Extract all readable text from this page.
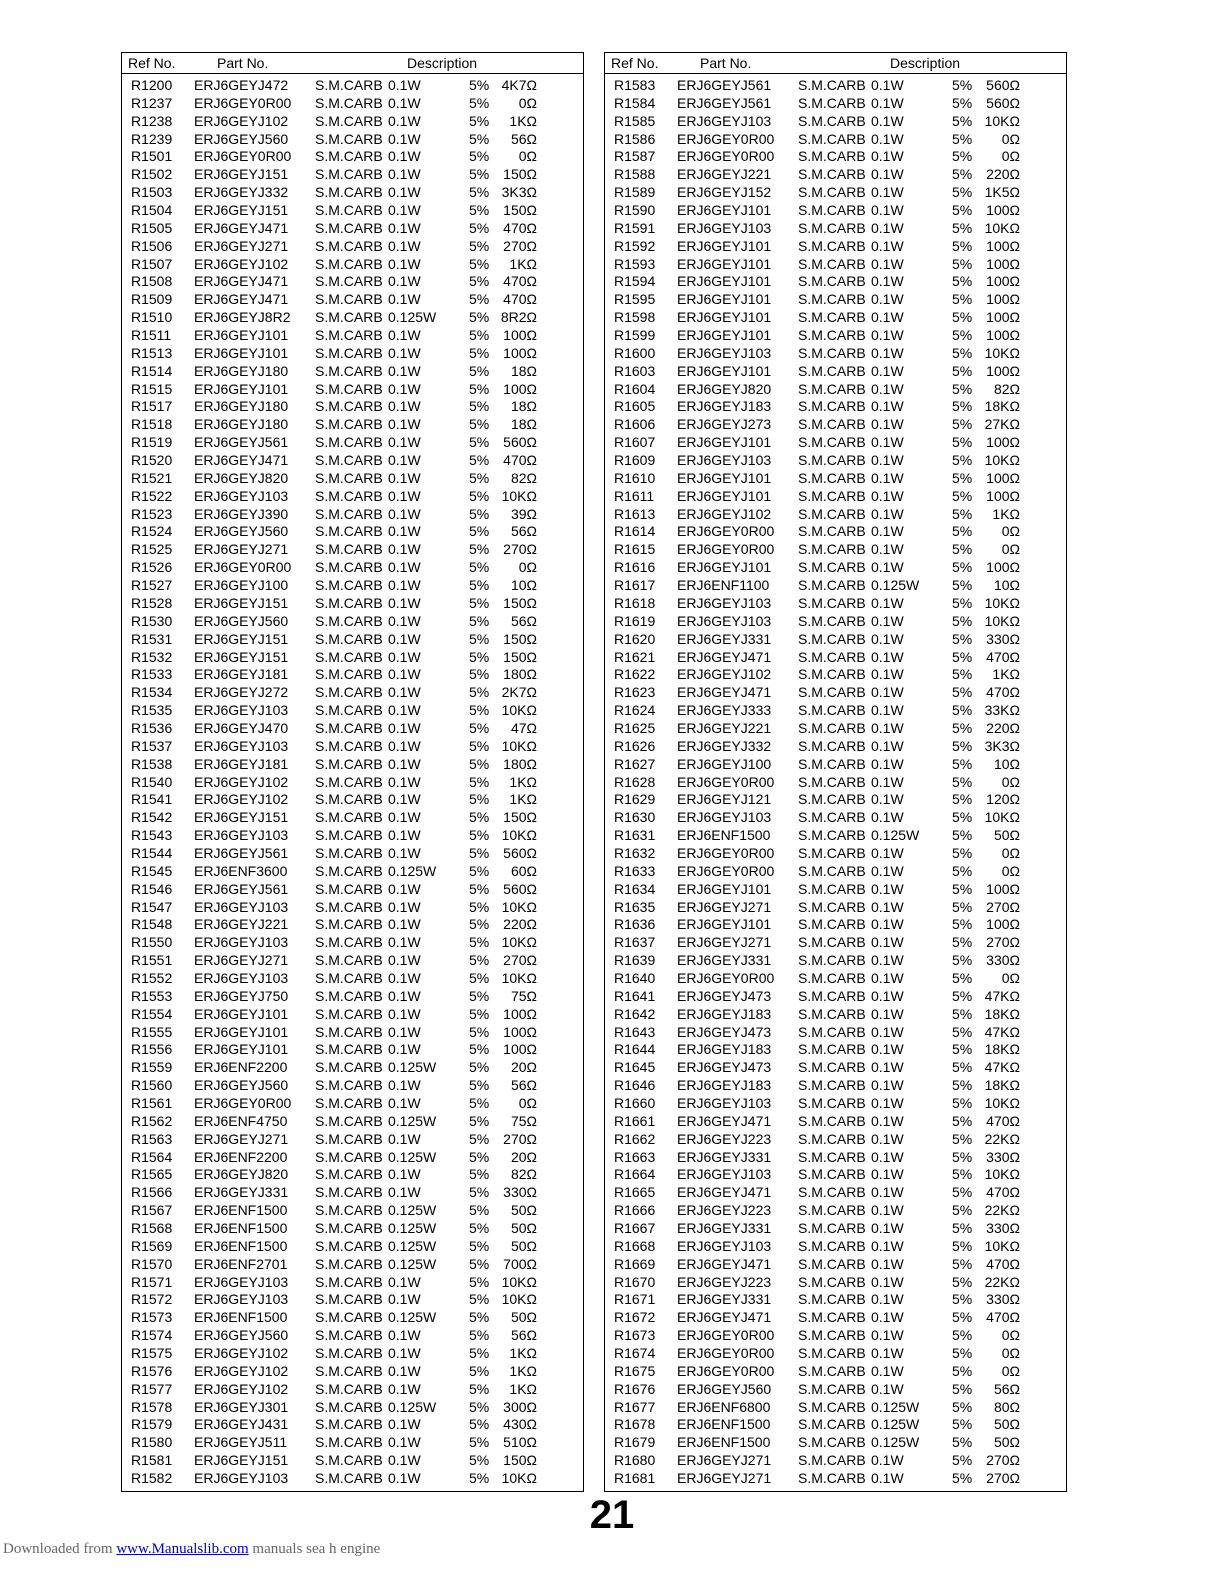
Ref No.	Part No.	Description
R1200 ERJ6GEYJ472 S.M.CARB 0.1W	5% 4K7Ω
R1237 ERJ6GEY0R00 S.M.CARB 0.1W	5% 0Ω
R1238 ERJ6GEYJ102 S.M.CARB 0.1W	5% 1KΩ
R1239 ERJ6GEYJ560 S.M.CARB 0.1W	5% 56Ω
R1501 ERJ6GEY0R00 S.M.CARB 0.1W	5% 0Ω
R1502 ERJ6GEYJ151 S.M.CARB 0.1W	5% 150Ω
R1503 ERJ6GEYJ332 S.M.CARB 0.1W	5% 3K3Ω
R1504 ERJ6GEYJ151 S.M.CARB 0.1W	5% 150Ω
R1505 ERJ6GEYJ471 S.M.CARB 0.1W	5% 470Ω
R1506 ERJ6GEYJ271 S.M.CARB 0.1W	5% 270Ω
R1507 ERJ6GEYJ102 S.M.CARB 0.1W	5% 1KΩ
R1508 ERJ6GEYJ471 S.M.CARB 0.1W	5% 470Ω
R1509 ERJ6GEYJ471 S.M.CARB 0.1W	5% 470Ω
R1510 ERJ6GEYJ8R2 S.M.CARB 0.125W 5% 8R2Ω
R1511 ERJ6GEYJ101 S.M.CARB 0.1W	5% 100Ω
R1513 ERJ6GEYJ101 S.M.CARB 0.1W	5% 100Ω
R1514 ERJ6GEYJ180 S.M.CARB 0.1W	5% 18Ω
R1515 ERJ6GEYJ101 S.M.CARB 0.1W	5% 100Ω
R1517 ERJ6GEYJ180 S.M.CARB 0.1W	5% 18Ω
R1518 ERJ6GEYJ180 S.M.CARB 0.1W	5% 18Ω
R1519 ERJ6GEYJ561 S.M.CARB 0.1W	5% 560Ω
R1520 ERJ6GEYJ471 S.M.CARB 0.1W	5% 470Ω
R1521 ERJ6GEYJ820 S.M.CARB 0.1W	5% 82Ω
R1522 ERJ6GEYJ103 S.M.CARB 0.1W	5% 10KΩ
R1523 ERJ6GEYJ390 S.M.CARB 0.1W	5% 39Ω
R1524 ERJ6GEYJ560 S.M.CARB 0.1W	5% 56Ω
R1525 ERJ6GEYJ271 S.M.CARB 0.1W	5% 270Ω
R1526 ERJ6GEY0R00 S.M.CARB 0.1W	5% 0Ω
R1527 ERJ6GEYJ100 S.M.CARB 0.1W	5% 10Ω
R1528 ERJ6GEYJ151 S.M.CARB 0.1W	5% 150Ω
R1530 ERJ6GEYJ560 S.M.CARB 0.1W	5% 56Ω
R1531 ERJ6GEYJ151 S.M.CARB 0.1W	5% 150Ω
R1532 ERJ6GEYJ151 S.M.CARB 0.1W	5% 150Ω
R1533 ERJ6GEYJ181 S.M.CARB 0.1W	5% 180Ω
R1534 ERJ6GEYJ272 S.M.CARB 0.1W	5% 2K7Ω
R1535 ERJ6GEYJ103 S.M.CARB 0.1W	5% 10KΩ
R1536 ERJ6GEYJ470 S.M.CARB 0.1W	5% 47Ω
R1537 ERJ6GEYJ103 S.M.CARB 0.1W	5% 10KΩ
R1538 ERJ6GEYJ181 S.M.CARB 0.1W	5% 180Ω
R1540 ERJ6GEYJ102 S.M.CARB 0.1W	5% 1KΩ
R1541 ERJ6GEYJ102 S.M.CARB 0.1W	5% 1KΩ
R1542 ERJ6GEYJ151 S.M.CARB 0.1W	5% 150Ω
R1543 ERJ6GEYJ103 S.M.CARB 0.1W	5% 10KΩ
R1544 ERJ6GEYJ561 S.M.CARB 0.1W	5% 560Ω
R1545 ERJ6ENF3600 S.M.CARB 0.125W 5% 60Ω
R1546 ERJ6GEYJ561 S.M.CARB 0.1W	5% 560Ω
R1547 ERJ6GEYJ103 S.M.CARB 0.1W	5% 10KΩ
R1548 ERJ6GEYJ221 S.M.CARB 0.1W	5% 220Ω
R1550 ERJ6GEYJ103 S.M.CARB 0.1W	5% 10KΩ
R1551 ERJ6GEYJ271 S.M.CARB 0.1W	5% 270Ω
R1552 ERJ6GEYJ103 S.M.CARB 0.1W	5% 10KΩ
R1553 ERJ6GEYJ750 S.M.CARB 0.1W	5% 75Ω
R1554 ERJ6GEYJ101 S.M.CARB 0.1W	5% 100Ω
R1555 ERJ6GEYJ101 S.M.CARB 0.1W	5% 100Ω
R1556 ERJ6GEYJ101 S.M.CARB 0.1W	5% 100Ω
R1559 ERJ6ENF2200 S.M.CARB 0.125W 5% 20Ω
R1560 ERJ6GEYJ560 S.M.CARB 0.1W	5% 56Ω
R1561 ERJ6GEY0R00 S.M.CARB 0.1W	5% 0Ω
R1562 ERJ6ENF4750 S.M.CARB 0.125W 5% 75Ω
R1563 ERJ6GEYJ271 S.M.CARB 0.1W	5% 270Ω
R1564 ERJ6ENF2200 S.M.CARB 0.125W 5% 20Ω
R1565 ERJ6GEYJ820 S.M.CARB 0.1W	5% 82Ω
R1566 ERJ6GEYJ331 S.M.CARB 0.1W	5% 330Ω
R1567 ERJ6ENF1500 S.M.CARB 0.125W 5% 50Ω
R1568 ERJ6ENF1500 S.M.CARB 0.125W 5% 50Ω
R1569 ERJ6ENF1500 S.M.CARB 0.125W 5% 50Ω
R1570 ERJ6ENF2701 S.M.CARB 0.125W 5% 700Ω
R1571 ERJ6GEYJ103 S.M.CARB 0.1W	5% 10KΩ
R1572 ERJ6GEYJ103 S.M.CARB 0.1W	5% 10KΩ
R1573 ERJ6ENF1500 S.M.CARB 0.125W 5% 50Ω
R1574 ERJ6GEYJ560 S.M.CARB 0.1W	5% 56Ω
R1575 ERJ6GEYJ102 S.M.CARB 0.1W	5% 1KΩ
R1576 ERJ6GEYJ102 S.M.CARB 0.1W	5% 1KΩ
R1577 ERJ6GEYJ102 S.M.CARB 0.1W	5% 1KΩ
R1578 ERJ6GEYJ301 S.M.CARB 0.125W 5% 300Ω
R1579 ERJ6GEYJ431 S.M.CARB 0.1W	5% 430Ω
R1580 ERJ6GEYJ511 S.M.CARB 0.1W	5% 510Ω
R1581 ERJ6GEYJ151 S.M.CARB 0.1W	5% 150Ω
R1582 ERJ6GEYJ103 S.M.CARB 0.1W	5% 10KΩ
Ref No.	Part No.	Description
R1583 ERJ6GEYJ561 S.M.CARB 0.1W	5% 560Ω
R1584 ERJ6GEYJ561 S.M.CARB 0.1W	5% 560Ω
R1585 ERJ6GEYJ103 S.M.CARB 0.1W	5% 10KΩ
R1586 ERJ6GEY0R00 S.M.CARB 0.1W	5% 0Ω
R1587 ERJ6GEY0R00 S.M.CARB 0.1W	5% 0Ω
R1588 ERJ6GEYJ221 S.M.CARB 0.1W	5% 220Ω
R1589 ERJ6GEYJ152 S.M.CARB 0.1W	5% 1K5Ω
R1590 ERJ6GEYJ101 S.M.CARB 0.1W	5% 100Ω
R1591 ERJ6GEYJ103 S.M.CARB 0.1W	5% 10KΩ
R1592 ERJ6GEYJ101 S.M.CARB 0.1W	5% 100Ω
R1593 ERJ6GEYJ101 S.M.CARB 0.1W	5% 100Ω
R1594 ERJ6GEYJ101 S.M.CARB 0.1W	5% 100Ω
R1595 ERJ6GEYJ101 S.M.CARB 0.1W	5% 100Ω
R1598 ERJ6GEYJ101 S.M.CARB 0.1W	5% 100Ω
R1599 ERJ6GEYJ101 S.M.CARB 0.1W	5% 100Ω
R1600 ERJ6GEYJ103 S.M.CARB 0.1W	5% 10KΩ
R1603 ERJ6GEYJ101 S.M.CARB 0.1W	5% 100Ω
R1604 ERJ6GEYJ820 S.M.CARB 0.1W	5% 82Ω
R1605 ERJ6GEYJ183 S.M.CARB 0.1W	5% 18KΩ
R1606 ERJ6GEYJ273 S.M.CARB 0.1W	5% 27KΩ
R1607 ERJ6GEYJ101 S.M.CARB 0.1W	5% 100Ω
R1609 ERJ6GEYJ103 S.M.CARB 0.1W	5% 10KΩ
R1610 ERJ6GEYJ101 S.M.CARB 0.1W	5% 100Ω
R1611 ERJ6GEYJ101 S.M.CARB 0.1W	5% 100Ω
R1613 ERJ6GEYJ102 S.M.CARB 0.1W	5% 1KΩ
R1614 ERJ6GEY0R00 S.M.CARB 0.1W	5% 0Ω
R1615 ERJ6GEY0R00 S.M.CARB 0.1W	5% 0Ω
R1616 ERJ6GEYJ101 S.M.CARB 0.1W	5% 100Ω
R1617 ERJ6ENF1100 S.M.CARB 0.125W 5% 10Ω
R1618 ERJ6GEYJ103 S.M.CARB 0.1W	5% 10KΩ
R1619 ERJ6GEYJ103 S.M.CARB 0.1W	5% 10KΩ
R1620 ERJ6GEYJ331 S.M.CARB 0.1W	5% 330Ω
R1621 ERJ6GEYJ471 S.M.CARB 0.1W	5% 470Ω
R1622 ERJ6GEYJ102 S.M.CARB 0.1W	5% 1KΩ
R1623 ERJ6GEYJ471 S.M.CARB 0.1W	5% 470Ω
R1624 ERJ6GEYJ333 S.M.CARB 0.1W	5% 33KΩ
R1625 ERJ6GEYJ221 S.M.CARB 0.1W	5% 220Ω
R1626 ERJ6GEYJ332 S.M.CARB 0.1W	5% 3K3Ω
R1627 ERJ6GEYJ100 S.M.CARB 0.1W	5% 10Ω
R1628 ERJ6GEY0R00 S.M.CARB 0.1W	5% 0Ω
R1629 ERJ6GEYJ121 S.M.CARB 0.1W	5% 120Ω
R1630 ERJ6GEYJ103 S.M.CARB 0.1W	5% 10KΩ
R1631 ERJ6ENF1500 S.M.CARB 0.125W 5% 50Ω
R1632 ERJ6GEY0R00 S.M.CARB 0.1W	5% 0Ω
R1633 ERJ6GEY0R00 S.M.CARB 0.1W	5% 0Ω
R1634 ERJ6GEYJ101 S.M.CARB 0.1W	5% 100Ω
R1635 ERJ6GEYJ271 S.M.CARB 0.1W	5% 270Ω
R1636 ERJ6GEYJ101 S.M.CARB 0.1W	5% 100Ω
R1637 ERJ6GEYJ271 S.M.CARB 0.1W	5% 270Ω
R1639 ERJ6GEYJ331 S.M.CARB 0.1W	5% 330Ω
R1640 ERJ6GEY0R00 S.M.CARB 0.1W	5% 0Ω
R1641 ERJ6GEYJ473 S.M.CARB 0.1W	5% 47KΩ
R1642 ERJ6GEYJ183 S.M.CARB 0.1W	5% 18KΩ
R1643 ERJ6GEYJ473 S.M.CARB 0.1W	5% 47KΩ
R1644 ERJ6GEYJ183 S.M.CARB 0.1W	5% 18KΩ
R1645 ERJ6GEYJ473 S.M.CARB 0.1W	5% 47KΩ
R1646 ERJ6GEYJ183 S.M.CARB 0.1W	5% 18KΩ
R1660 ERJ6GEYJ103 S.M.CARB 0.1W	5% 10KΩ
R1661 ERJ6GEYJ471 S.M.CARB 0.1W	5% 470Ω
R1662 ERJ6GEYJ223 S.M.CARB 0.1W	5% 22KΩ
R1663 ERJ6GEYJ331 S.M.CARB 0.1W	5% 330Ω
R1664 ERJ6GEYJ103 S.M.CARB 0.1W	5% 10KΩ
R1665 ERJ6GEYJ471 S.M.CARB 0.1W	5% 470Ω
R1666 ERJ6GEYJ223 S.M.CARB 0.1W	5% 22KΩ
R1667 ERJ6GEYJ331 S.M.CARB 0.1W	5% 330Ω
R1668 ERJ6GEYJ103 S.M.CARB 0.1W	5% 10KΩ
R1669 ERJ6GEYJ471 S.M.CARB 0.1W	5% 470Ω
R1670 ERJ6GEYJ223 S.M.CARB 0.1W	5% 22KΩ
R1671 ERJ6GEYJ331 S.M.CARB 0.1W	5% 330Ω
R1672 ERJ6GEYJ471 S.M.CARB 0.1W	5% 470Ω
R1673 ERJ6GEY0R00 S.M.CARB 0.1W	5% 0Ω
R1674 ERJ6GEY0R00 S.M.CARB 0.1W	5% 0Ω
R1675 ERJ6GEY0R00 S.M.CARB 0.1W	5% 0Ω
R1676 ERJ6GEYJ560 S.M.CARB 0.1W	5% 56Ω
R1677 ERJ6ENF6800 S.M.CARB 0.125W 5% 80Ω
R1678 ERJ6ENF1500 S.M.CARB 0.125W 5% 50Ω
R1679 ERJ6ENF1500 S.M.CARB 0.125W 5% 50Ω
R1680 ERJ6GEYJ271 S.M.CARB 0.1W	5% 270Ω
R1681 ERJ6GEYJ271 S.M.CARB 0.1W	5% 270Ω
21
Downloaded from www.Manualslib.com manuals sea h engine
